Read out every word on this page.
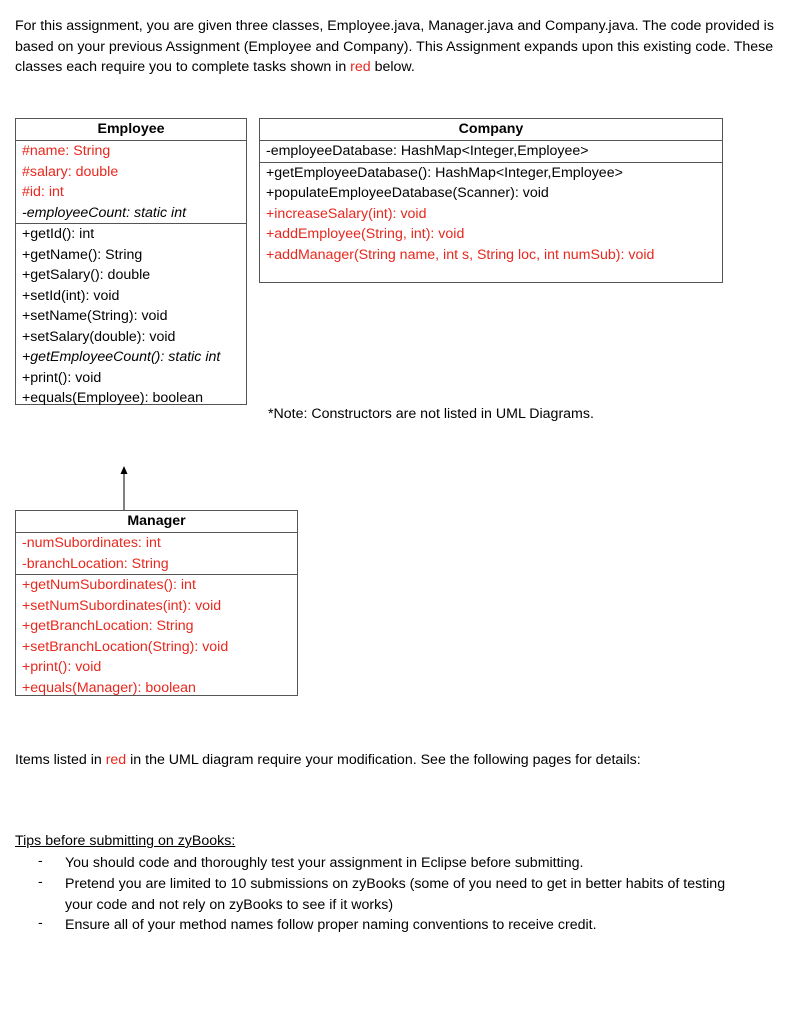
For this assignment, you are given three classes, Employee.java, Manager.java and Company.java. The code provided is based on your previous Assignment (Employee and Company). This Assignment expands upon this existing code. These classes each require you to complete tasks shown in red below.
Employee
#name: String
#salary: double
#id: int
-employeeCount: static int
+getId(): int
+getName(): String
+getSalary(): double
+setId(int): void
+setName(String): void
+setSalary(double): void
+getEmployeeCount(): static int
+print(): void
+equals(Employee): boolean
Company
-employeeDatabase: HashMap<Integer,Employee>
+getEmployeeDatabase(): HashMap<Integer,Employee>
+populateEmployeeDatabase(Scanner): void
+increaseSalary(int): void
+addEmployee(String, int): void
+addManager(String name, int s, String loc, int numSub): void
*Note: Constructors are not listed in UML Diagrams.
Manager
-numSubordinates: int
-branchLocation: String
+getNumSubordinates(): int
+setNumSubordinates(int): void
+getBranchLocation: String
+setBranchLocation(String): void
+print(): void
+equals(Manager): boolean
Items listed in red in the UML diagram require your modification. See the following pages for details:
Tips before submitting on zyBooks:
- You should code and thoroughly test your assignment in Eclipse before submitting.
- Pretend you are limited to 10 submissions on zyBooks (some of you need to get in better habits of testing your code and not rely on zyBooks to see if it works)
- Ensure all of your method names follow proper naming conventions to receive credit.
